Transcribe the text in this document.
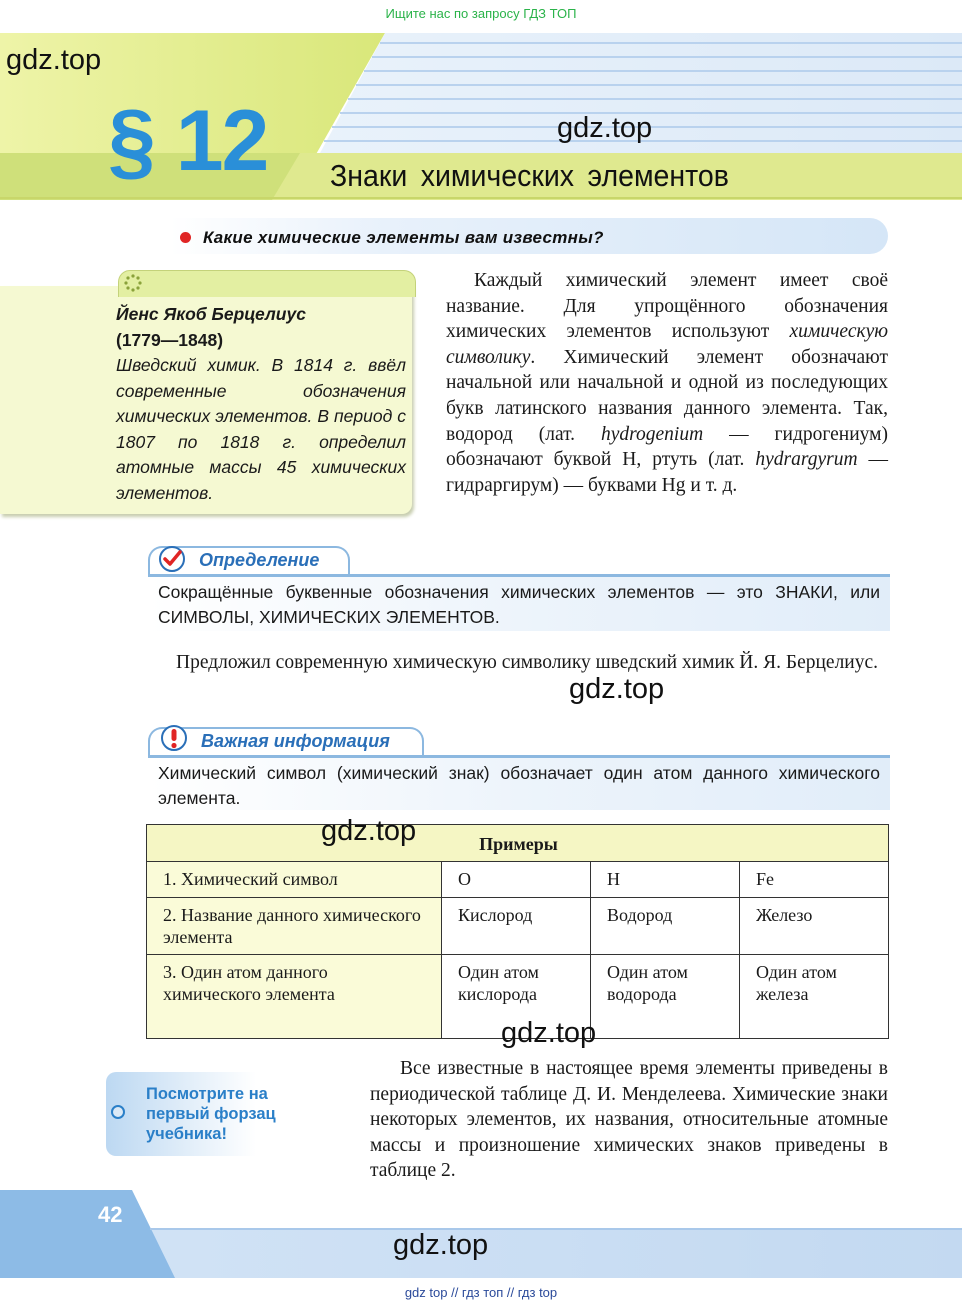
Ищите нас по запросу ГДЗ ТОП
gdz.top
§ 12	gdz.top
Знаки химических элементов
Какие химические элементы вам известны?
Йенс Якоб Берцелиус
(1779—1848)
Шведский химик. В 1814 г. ввёл современные обозначения химических элементов. В период с 1807 по 1818 г. определил атомные массы 45 химических элементов.

Каждый химический элемент имеет своё название. Для упрощённого обозначения химических элементов используют химическую символику. Химический элемент обозначают начальной или начальной и одной из последующих букв латинского названия данного элемента. Так, водород (лат. hydrogenium — гидрогениум) обозначают буквой H, ртуть (лат. hydrargyrum — гидраргирум) — буквами Hg и т. д.

Определение
Сокращённые буквенные обозначения химических элементов — это ЗНАКИ, или СИМВОЛЫ, ХИМИЧЕСКИХ ЭЛЕМЕНТОВ.

Предложил современную химическую символику шведский химик Й. Я. Берцелиус.

gdz.top
Важная информация
Химический символ (химический знак) обозначает один атом данного химического элемента.
Примеры			
1. Химический символ	O	H	Fe
2. Название данного химического элемента	Кислород	Водород	Железо
3. Один атом данного химического элемента	Один атом кислорода	Один атом водорода	Один атом железа
gdz.top
gdz.top
Посмотрите на первый форзац учебника!

Все известные в настоящее время элементы приведены в периодической таблице Д. И. Менделеева. Химические знаки некоторых элементов, их названия, относительные атомные массы и произношение химических знаков приведены в таблице 2.

42
gdz.top
gdz top // гдз топ // гдз top
